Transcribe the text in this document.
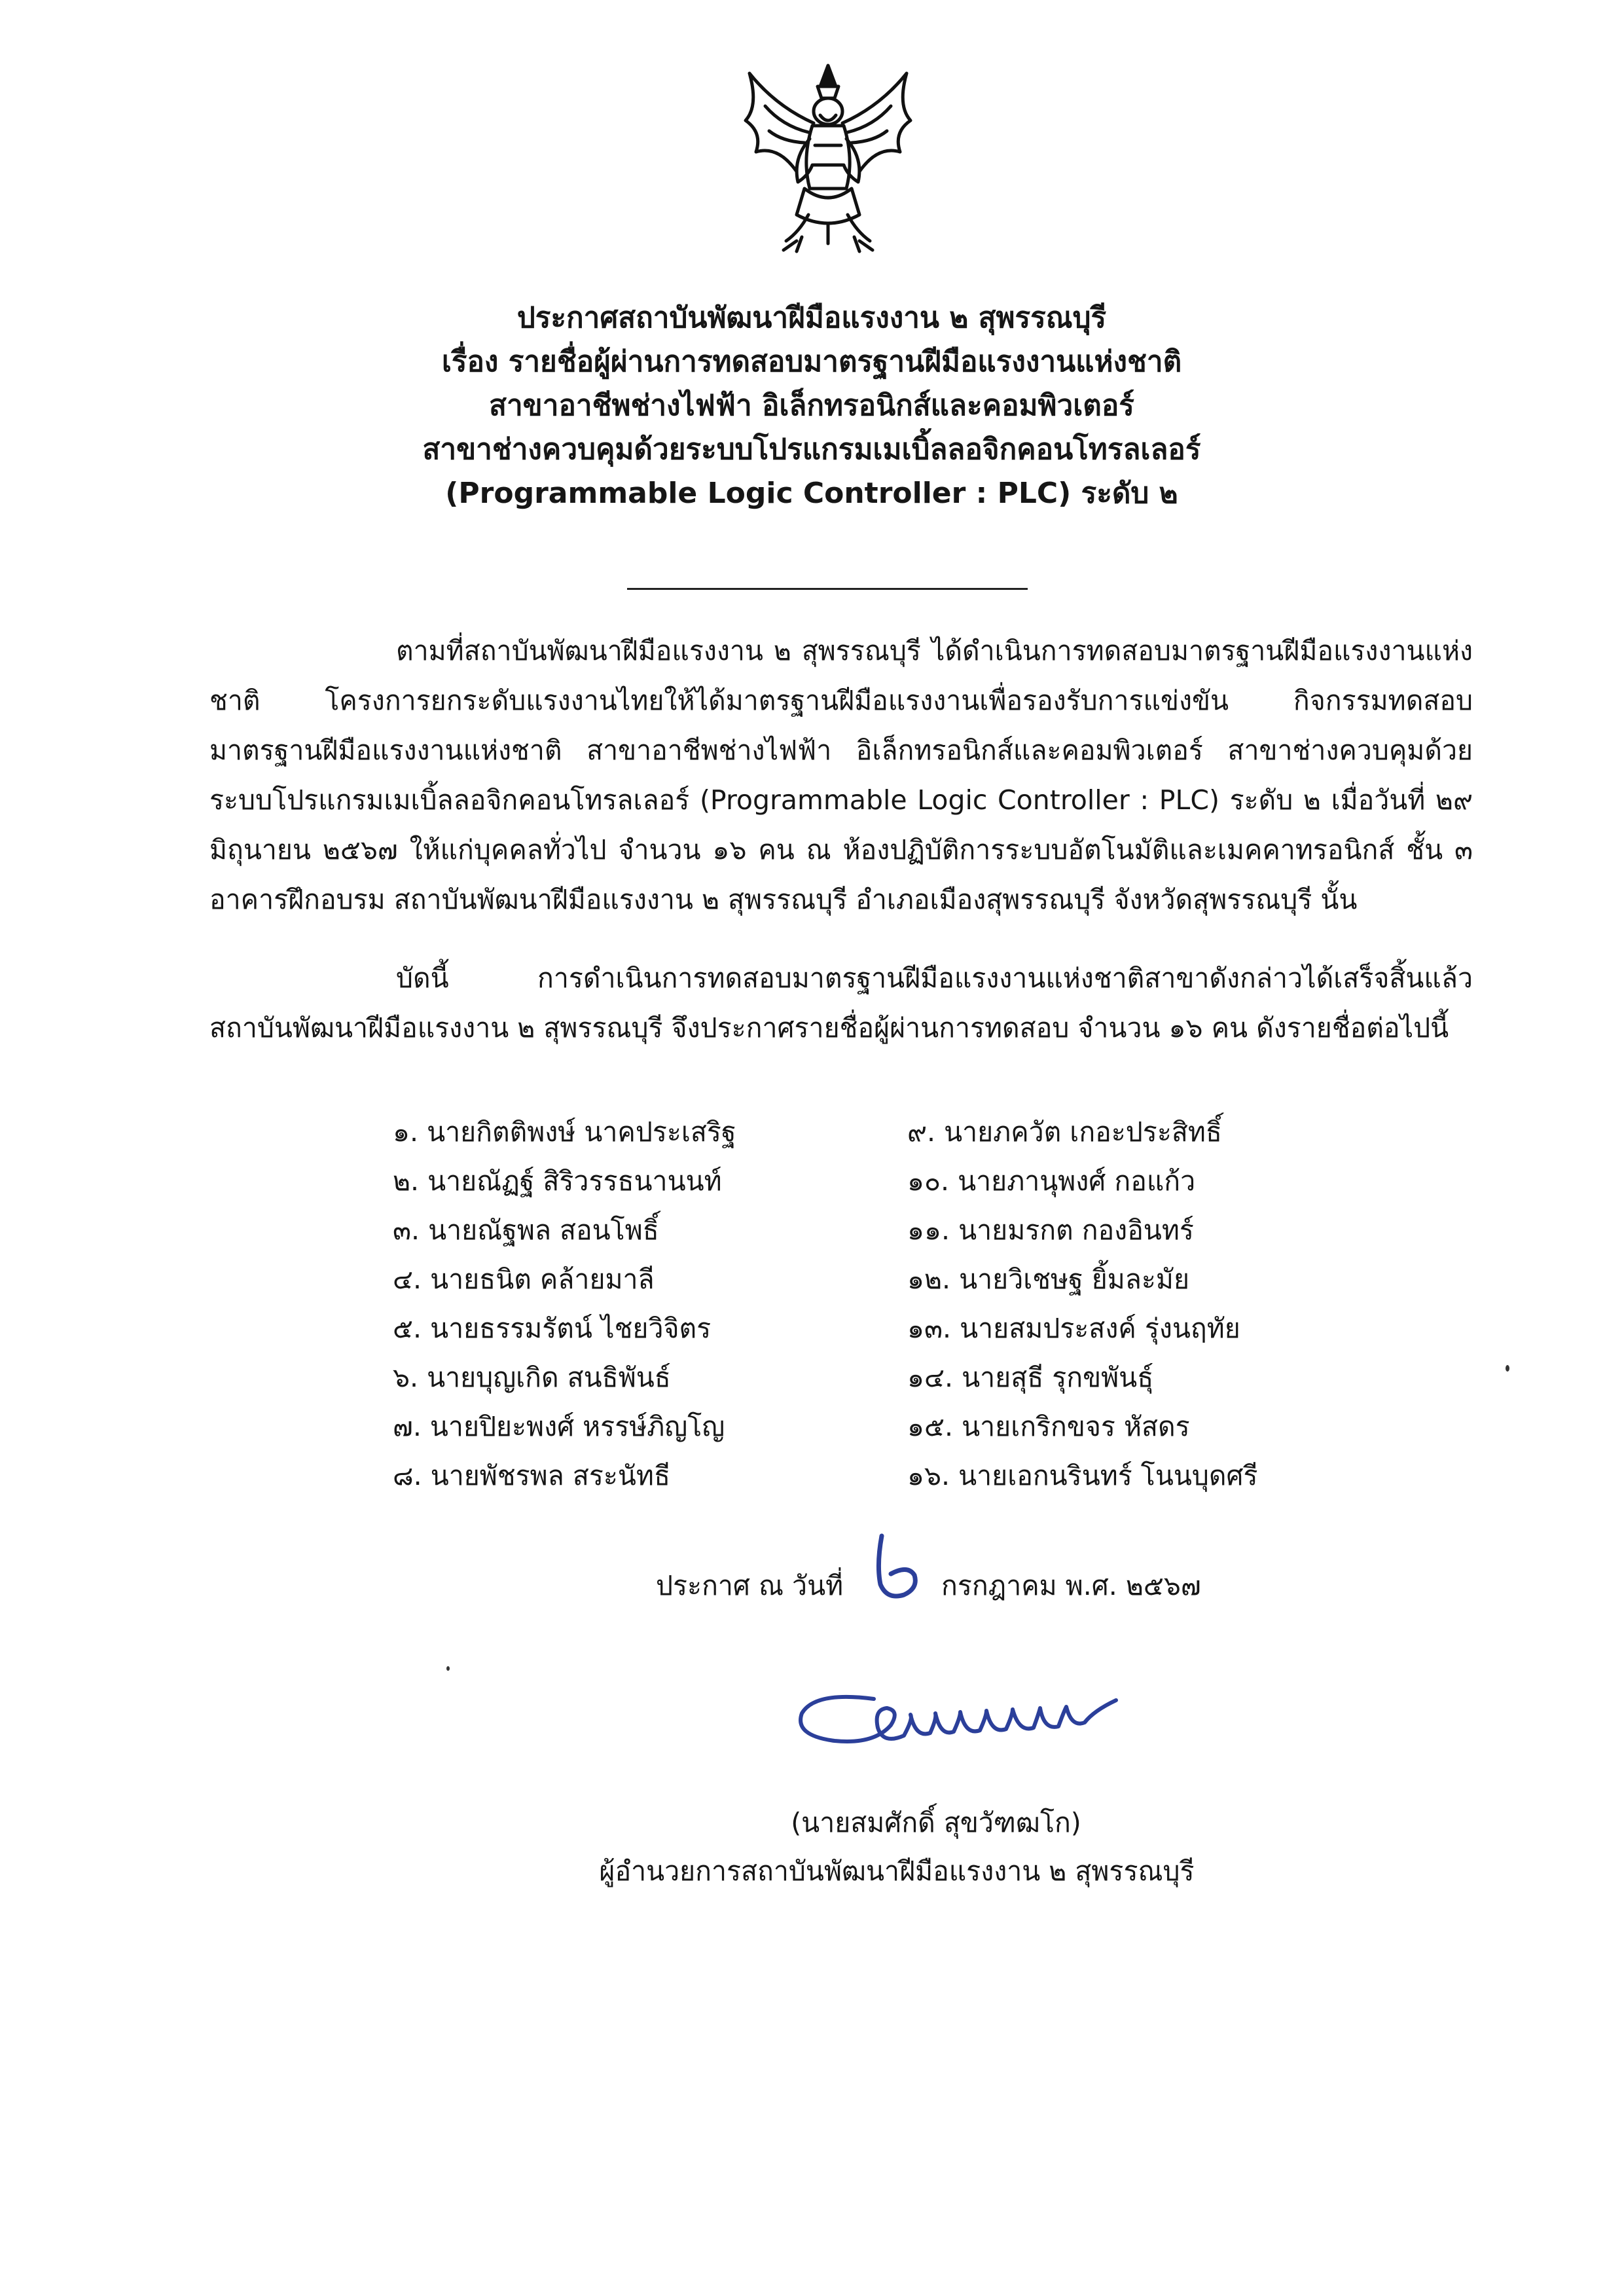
ประกาศสถาบันพัฒนาฝีมือแรงงาน ๒ สุพรรณบุรี
เรื่อง รายชื่อผู้ผ่านการทดสอบมาตรฐานฝีมือแรงงานแห่งชาติ
สาขาอาชีพช่างไฟฟ้า อิเล็กทรอนิกส์และคอมพิวเตอร์
สาขาช่างควบคุมด้วยระบบโปรแกรมเมเบิ้ลลอจิกคอนโทรลเลอร์
(Programmable Logic Controller : PLC) ระดับ ๒
ตามที่สถาบันพัฒนาฝีมือแรงงาน ๒ สุพรรณบุรี ได้ดำเนินการทดสอบมาตรฐานฝีมือแรงงานแห่งชาติ โครงการยกระดับแรงงานไทยให้ได้มาตรฐานฝีมือแรงงานเพื่อรองรับการแข่งขัน กิจกรรมทดสอบมาตรฐานฝีมือแรงงานแห่งชาติ สาขาอาชีพช่างไฟฟ้า อิเล็กทรอนิกส์และคอมพิวเตอร์ สาขาช่างควบคุมด้วยระบบโปรแกรมเมเบิ้ลลอจิกคอนโทรลเลอร์ (Programmable Logic Controller : PLC) ระดับ ๒ เมื่อวันที่ ๒๙ มิถุนายน ๒๕๖๗ ให้แก่บุคคลทั่วไป จำนวน ๑๖ คน ณ ห้องปฏิบัติการระบบอัตโนมัติและเมคคาทรอนิกส์ ชั้น ๓ อาคารฝึกอบรม สถาบันพัฒนาฝีมือแรงงาน ๒ สุพรรณบุรี อำเภอเมืองสุพรรณบุรี จังหวัดสุพรรณบุรี นั้น
บัดนี้ การดำเนินการทดสอบมาตรฐานฝีมือแรงงานแห่งชาติสาขาดังกล่าวได้เสร็จสิ้นแล้ว สถาบันพัฒนาฝีมือแรงงาน ๒ สุพรรณบุรี จึงประกาศรายชื่อผู้ผ่านการทดสอบ จำนวน ๑๖ คน ดังรายชื่อต่อไปนี้
๑. นายกิตติพงษ์ นาคประเสริฐ
๒. นายณัฏฐ์ สิริวรรธนานนท์
๓. นายณัฐพล สอนโพธิ์
๔. นายธนิต คล้ายมาลี
๕. นายธรรมรัตน์ ไชยวิจิตร
๖. นายบุญเกิด สนธิพันธ์
๗. นายปิยะพงศ์ หรรษ์ภิญโญ
๘. นายพัชรพล สระนัทธี
๙. นายภควัต เกอะประสิทธิ์
๑๐. นายภานุพงศ์ กอแก้ว
๑๑. นายมรกต กองอินทร์
๑๒. นายวิเชษฐ ยิ้มละมัย
๑๓. นายสมประสงค์ รุ่งนฤทัย
๑๔. นายสุธี รุกขพันธุ์
๑๕. นายเกริกขจร หัสดร
๑๖. นายเอกนรินทร์ โนนบุดศรี
ประกาศ ณ วันที่	กรกฎาคม พ.ศ. ๒๕๖๗
(นายสมศักดิ์ สุขวัฑฒโก)
ผู้อำนวยการสถาบันพัฒนาฝีมือแรงงาน ๒ สุพรรณบุรี
